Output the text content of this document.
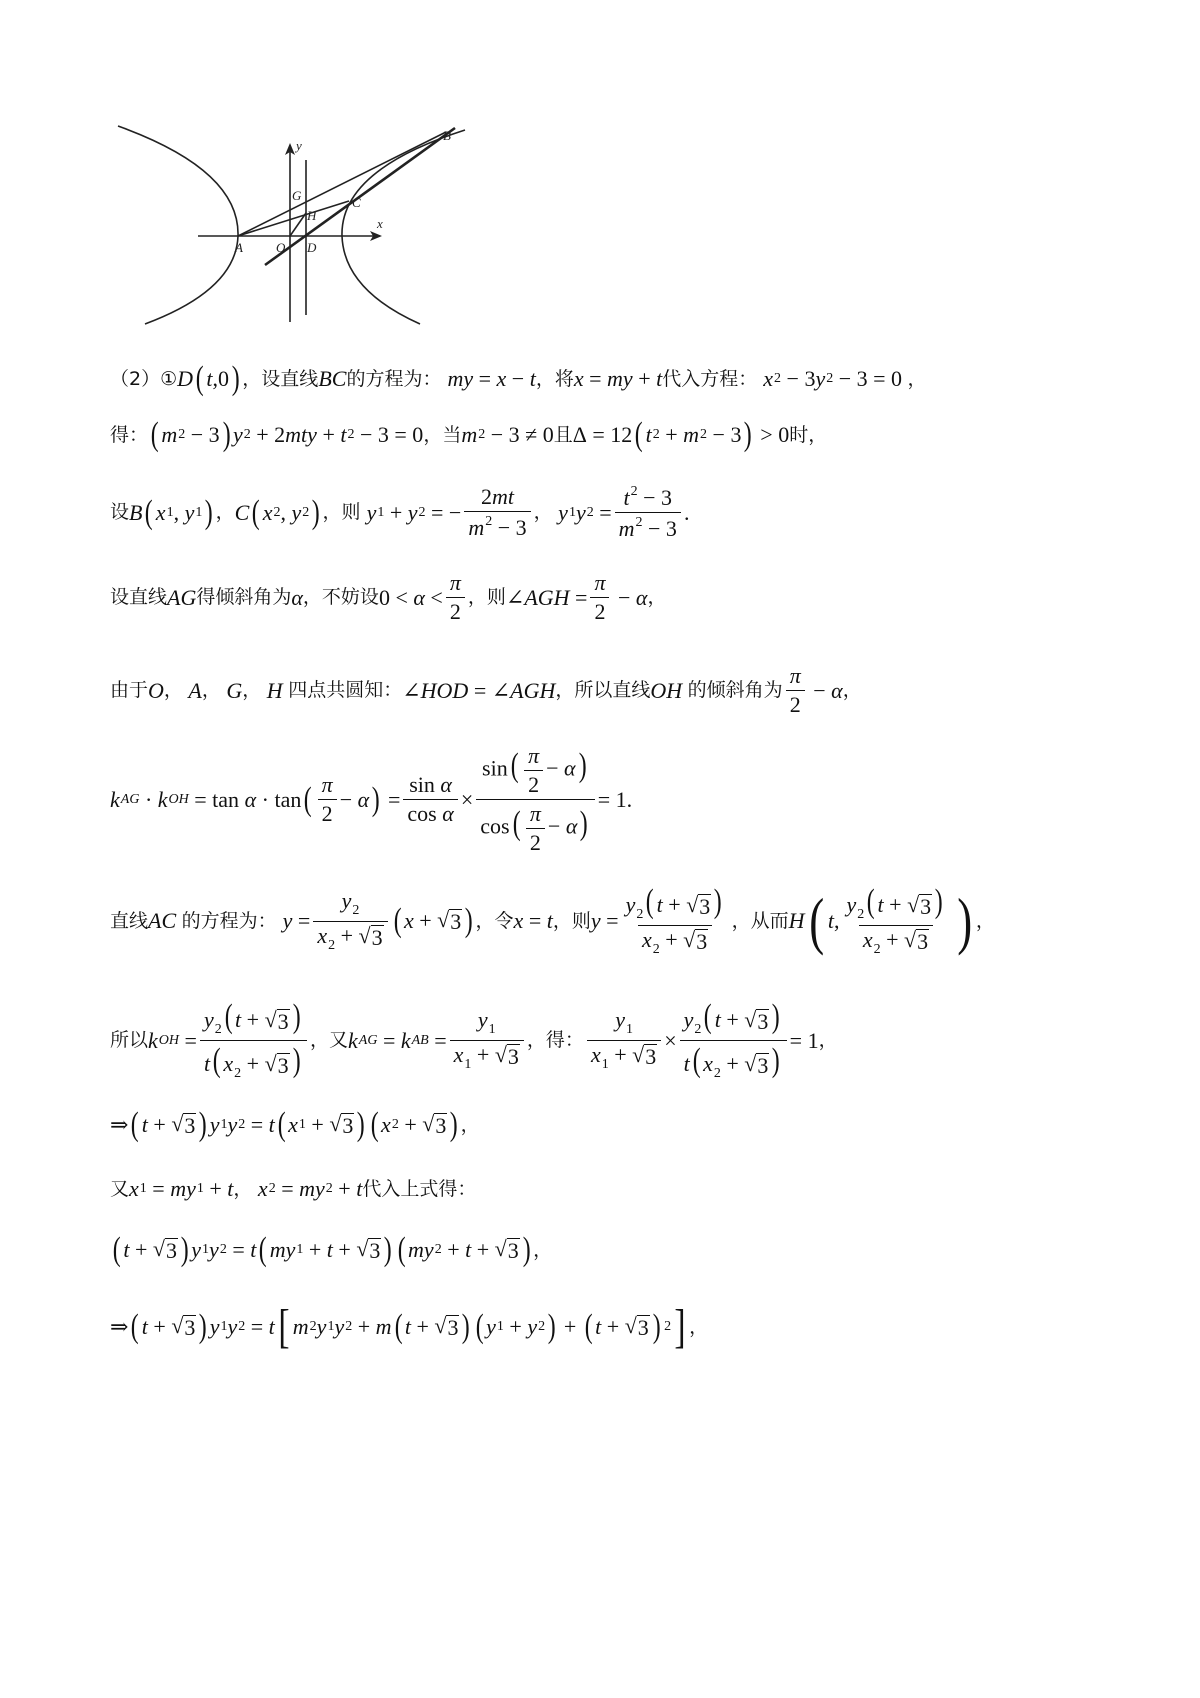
y
x
B
G
H
C
A	O D
（2）① D ( t ,0 ) ，设直线 BC 的方程为： my = x − t ，将 x = my + t 代入方程： x 2 − 3 y 2 − 3 = 0 ，
得： ( m 2 − 3 ) y 2 + 2 mty + t 2 − 3 = 0 ，当 m 2 − 3 ≠ 0 且 Δ = 12 ( t 2 + m 2 − 3 ) > 0 时，
设 B ( x 1 , y 1 ) ， C ( x 2 , y 2 ) ，则 y 1 + y 2 = − $\frac{2mt}{m^2 - 3}$ ，
y 1 y $2 = \frac{t^2 - 3}{m^2 - 3}$ .
设直线 AG 得倾斜角为 α ，不妨设 $0 < \alpha < \frac{\pi}{2}$ ，则 ∠ AGH = $\frac{\pi}{2} - \alpha$ ，
由于 O ，
A ，
G ，
H
四点共圆知： ∠ HOD = ∠ AGH ，所以直线 OH
的倾斜角为 $\frac{\pi}{2} - \alpha$ ，
k AG · k OH = tan α · tan ( $\frac{\pi}{2} - \alpha$ ) = $\frac{\text{sin α}}{\text{cos α}} \times \frac{\sin( \frac{\pi}{2} - \alpha)}{\cos( \frac{\pi}{2} - \alpha)} = 1$.
直线 AC
的方程为： $y = \frac{y_2}{x_2 + √ 3}$ ( x + √ 3 ) ，令 x = t ，则 $y = \frac{y_2( t + √ 3 )}{x_2 + √ 3}$ ，从而 H ( t , $\frac{y_2( t + √ 3 )}{x_2 + √ 3}$ ) ，
所以 k OH = $\frac{y_2( t + √ 3 )}{t( x_2 + √ 3 )}$ ，又 k AG = k AB = $\frac{y_1}{x_1 + √ 3}$ ，得： $\frac{y_1}{x_1 + √ 3} \times \frac{y_2( t + √ 3 )}{t( x_2 + √ 3 )} = 1$ ，
⇒ ( t + √ 3 ) y 1 y 2 = t ( x 1 + √ 3 ) ( x 2 + √ 3 ) ，
又 x 1 = my 1 + t ，
x 2 = my 2 + t 代入上式得：
( t + √ 3 ) y 1 y 2 = t ( my 1 + t + √ 3 ) ( my 2 + t + √ 3 ) ，
⇒ ( t + √ 3 ) y 1 y 2 = t [ m 2 y 1 y 2 + m ( t + √ 3 ) ( y 1 + y 2 ) + ( t + √ 3 ) 2 ] ，
